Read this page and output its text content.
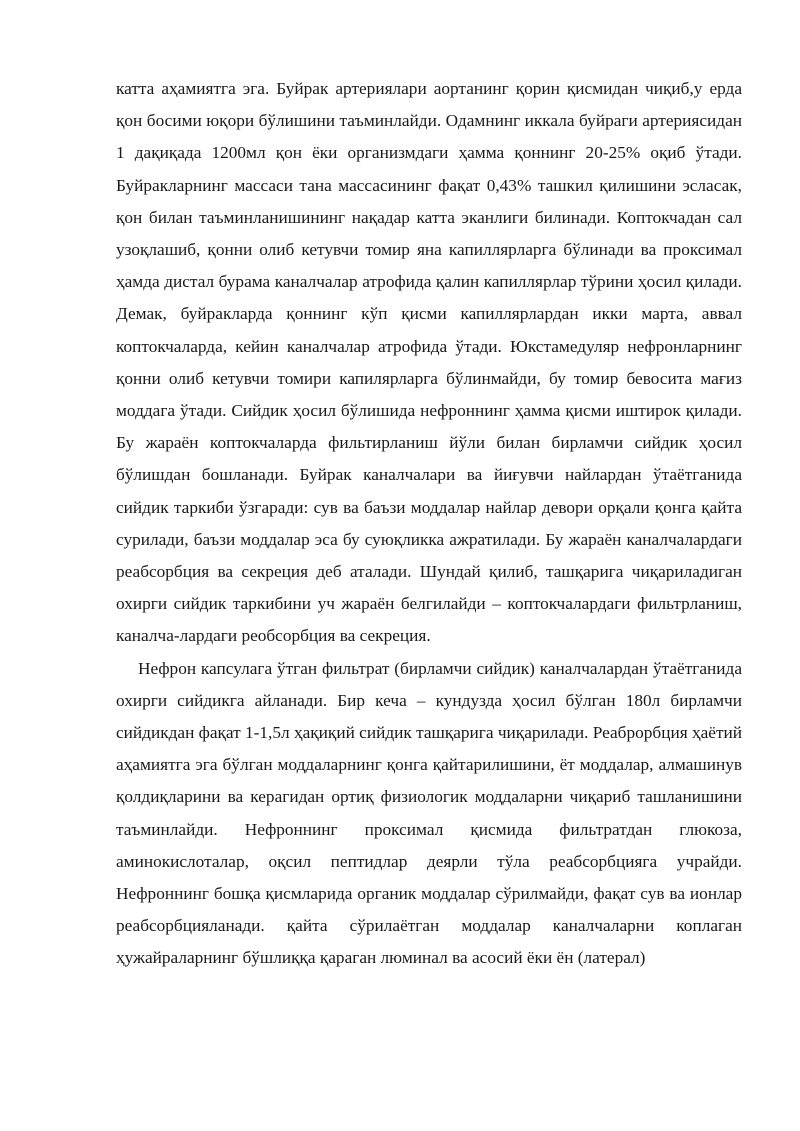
катта аҳамиятга эга. Буйрак артериялари аортанинг қорин қисмидан чиқиб,у ерда қон босими юқори бўлишини таъминлайди. Одамнинг иккала буйраги артериясидан 1 дақиқада 1200мл қон ёки организмдаги ҳамма қоннинг 20-25% оқиб ўтади. Буйракларнинг массаси тана массасининг фақат 0,43% ташкил қилишини эсласак, қон билан таъминланишининг нақадар катта эканлиги билинади. Коптокчадан сал узоқлашиб, қонни олиб кетувчи томир яна капиллярларга бўлинади ва проксимал ҳамда дистал бурама каналчалар атрофида қалин капиллярлар тўрини ҳосил қилади. Демак, буйракларда қоннинг кўп қисми капиллярлардан икки марта, аввал коптокчаларда, кейин каналчалар атрофида ўтади. Юкстамедуляр нефронларнинг қонни олиб кетувчи томири капилярларга бўлинмайди, бу томир бевосита мағиз моддага ўтади. Сийдик ҳосил бўлишида нефроннинг ҳамма қисми иштирок қилади. Бу жараён коптокчаларда фильтирланиш йўли билан бирламчи сийдик ҳосил бўлишдан бошланади. Буйрак каналчалари ва йиғувчи найлардан ўтаётганида сийдик таркиби ўзгаради: сув ва баъзи моддалар найлар девори орқали қонга қайта сурилади, баъзи моддалар эса бу суюқликка ажратилади. Бу жараён каналчалардаги реабсорбция ва секреция деб аталади. Шундай қилиб, ташқарига чиқариладиган охирги сийдик таркибини уч жараён белгилайди – коптокчалардаги фильтрланиш, каналча-лардаги реобсорбция ва секреция.

Нефрон капсулага ўтган фильтрат (бирламчи сийдик) каналчалардан ўтаётганида охирги сийдикга айланади. Бир кеча – кундузда ҳосил бўлган 180л бирламчи сийдикдан фақат 1-1,5л ҳақиқий сийдик ташқарига чиқарилади. Реаброрбция ҳаётий аҳамиятга эга бўлган моддаларнинг қонга қайтарилишини, ёт моддалар, алмашинув қолдиқларини ва керагидан ортиқ физиологик моддаларни чиқариб ташланишини таъминлайди. Нефроннинг проксимал қисмида фильтратдан глюкоза, аминокислоталар, оқсил пептидлар деярли тўла реабсорбцияга учрайди. Нефроннинг бошқа қисмларида органик моддалар сўрилмайди, фақат сув ва ионлар реабсорбцияланади. қайта сўрилаётган моддалар каналчаларни коплаган ҳужайраларнинг бўшлиққа қараган люминал ва асосий ёки ён (латерал)
